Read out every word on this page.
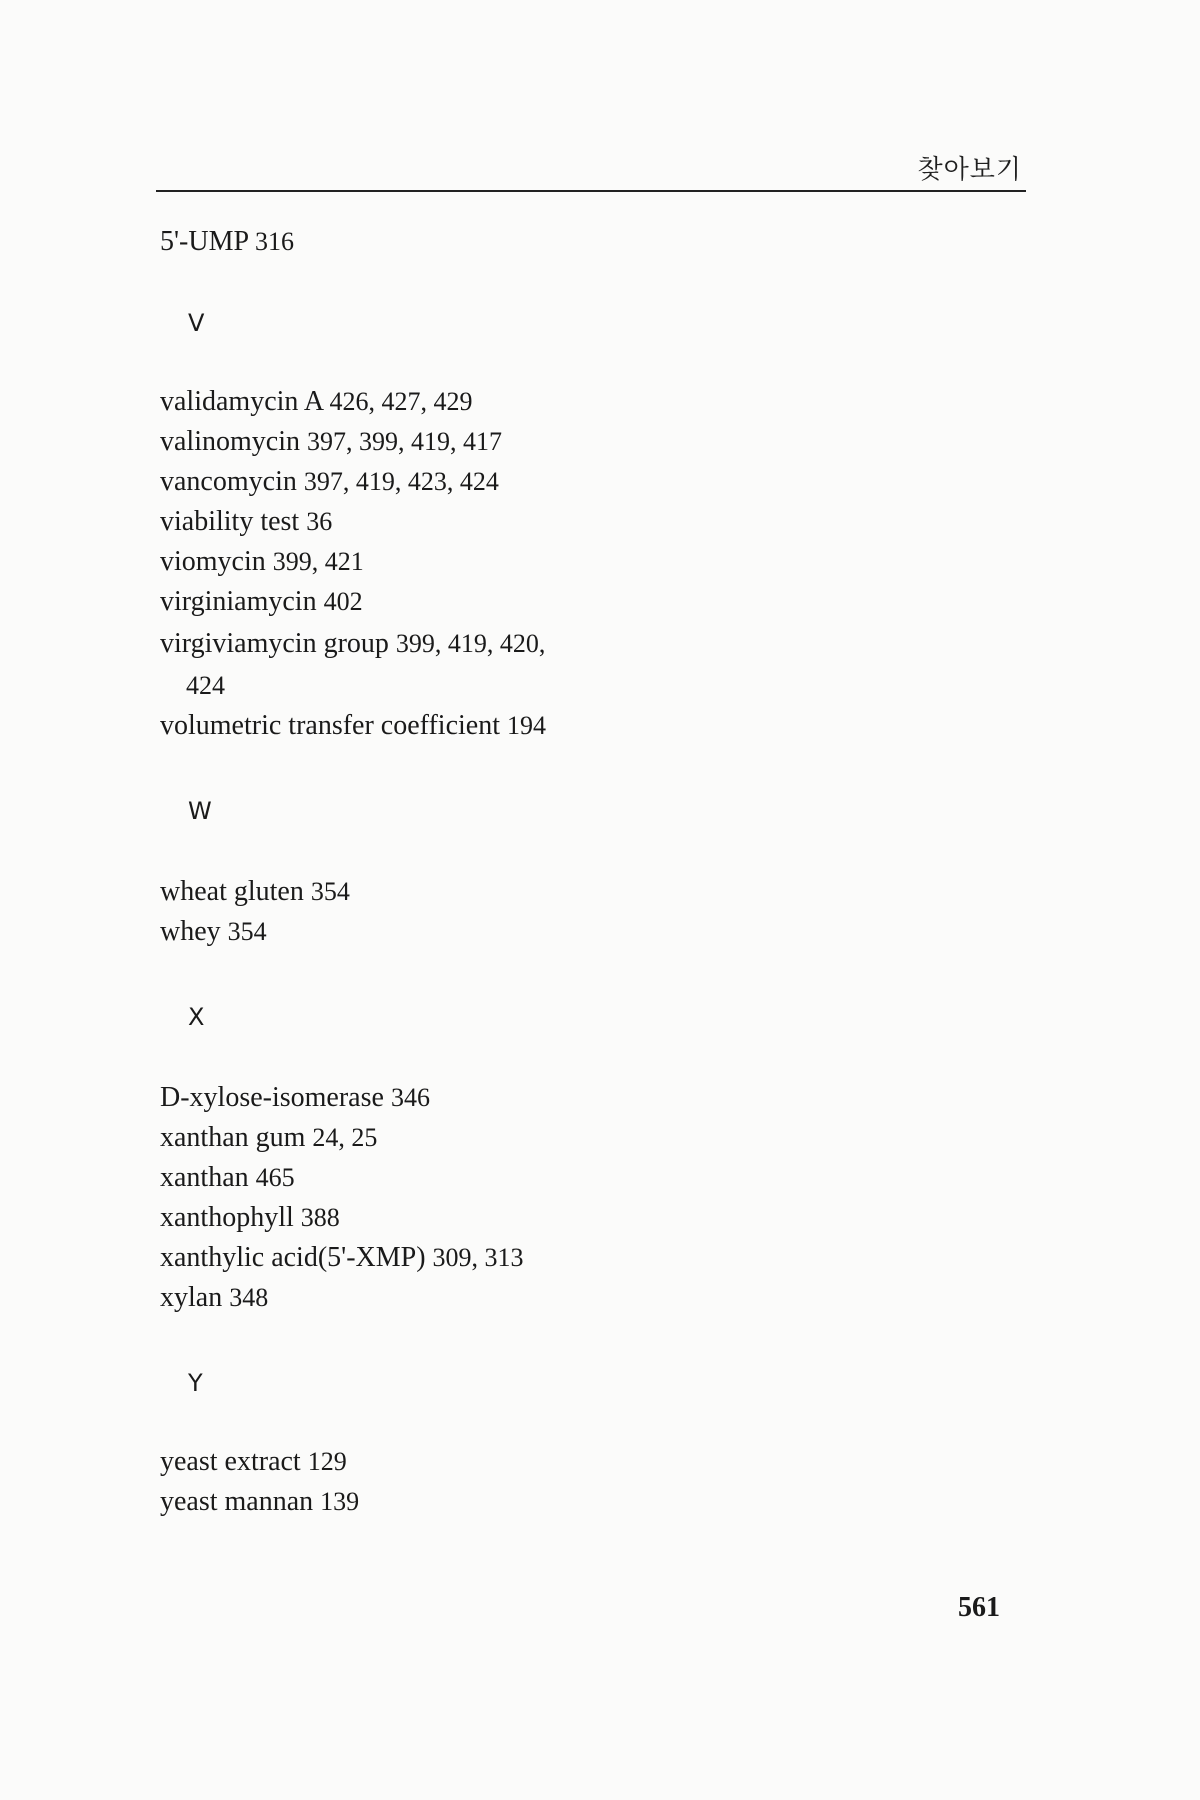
찾아보기
5'-UMP 316
V
validamycin A 426, 427, 429
valinomycin 397, 399, 419, 417
vancomycin 397, 419, 423, 424
viability test 36
viomycin 399, 421
virginiamycin 402
virgiviamycin group 399, 419, 420,
424
volumetric transfer coefficient 194
W
wheat gluten 354
whey 354
X
D-xylose-isomerase 346
xanthan gum 24, 25
xanthan 465
xanthophyll 388
xanthylic acid(5'-XMP) 309, 313
xylan 348
Y
yeast extract 129
yeast mannan 139
561
